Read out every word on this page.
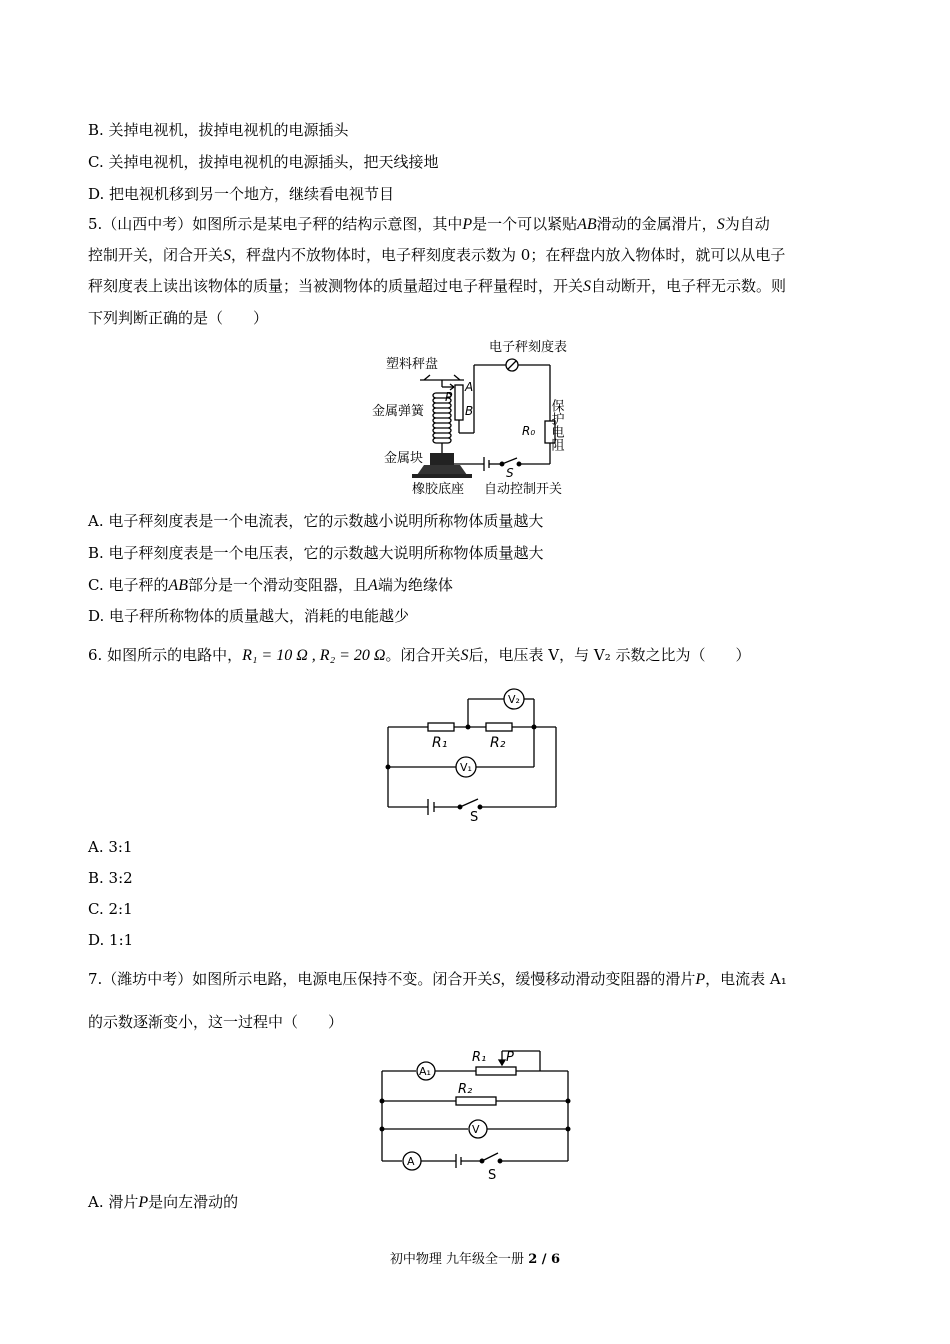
B. 关掉电视机，拔掉电视机的电源插头
C. 关掉电视机，拔掉电视机的电源插头，把天线接地
D. 把电视机移到另一个地方，继续看电视节目
5.（山西中考）如图所示是某电子秤的结构示意图，其中P是一个可以紧贴AB滑动的金属滑片，S为自动
控制开关，闭合开关S，秤盘内不放物体时，电子秤刻度表示数为 0；在秤盘内放入物体时，就可以从电子
秤刻度表上读出该物体的质量；当被测物体的质量超过电子秤量程时，开关S自动断开，电子秤无示数。则
下列判断正确的是（　　）
电子秤刻度表
塑料秤盘
金属弹簧
金属块
橡胶底座 自动控制开关
保护电阻
P
A
B
R₀
S
A. 电子秤刻度表是一个电流表，它的示数越小说明所称物体质量越大
B. 电子秤刻度表是一个电压表，它的示数越大说明所称物体质量越大
C. 电子秤的AB部分是一个滑动变阻器，且A端为绝缘体
D. 电子秤所称物体的质量越大，消耗的电能越少
6. 如图所示的电路中，R₁ = 10 Ω , R₂ = 20 Ω。闭合开关S后，电压表 V，与 V₂ 示数之比为（　　）
V₂
V₁
R₁	R₂
S
A. 3:1
B. 3:2
C. 2:1
D. 1:1
7.（潍坊中考）如图所示电路，电源电压保持不变。闭合开关S，缓慢移动滑动变阻器的滑片P，电流表 A₁
的示数逐渐变小，这一过程中（　　）
A₁
V
A
R₁ P
R₂
S
A. 滑片P是向左滑动的
初中物理 九年级全一册 2 / 6
